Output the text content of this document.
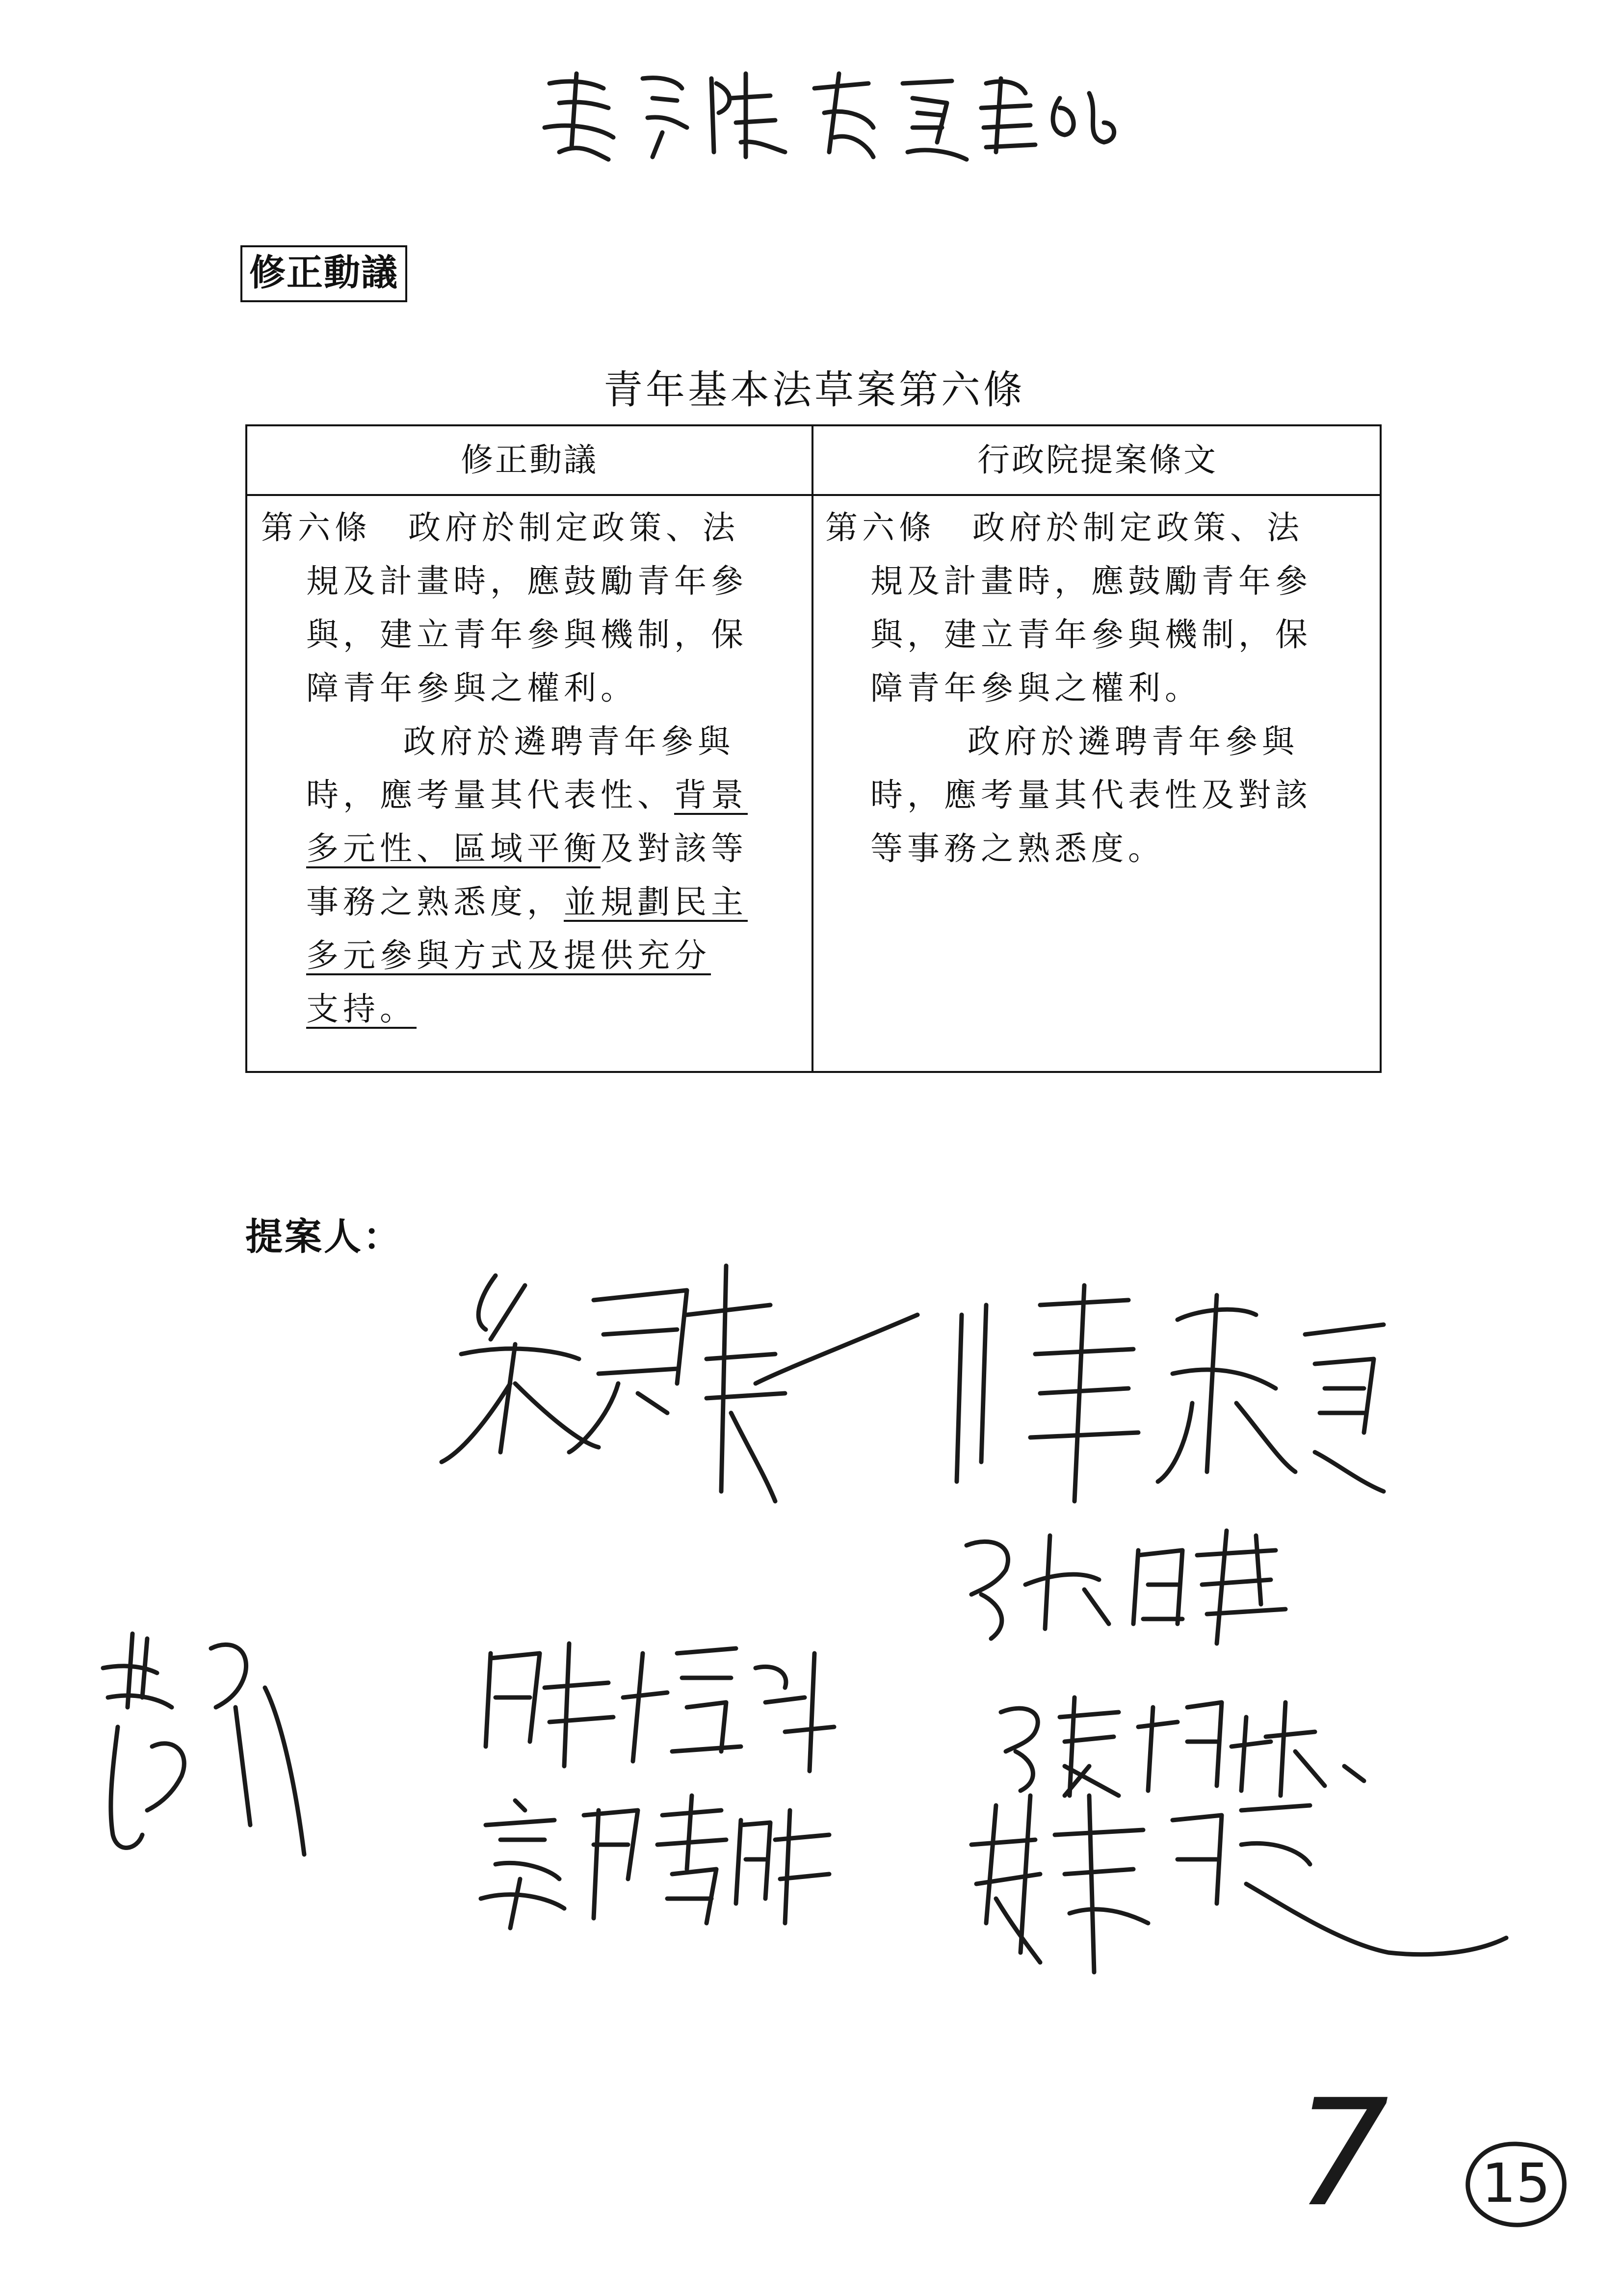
修正動議
青年基本法草案第六條
修正動議	行政院提案條文
第六條　政府於制定政策、法
規及計畫時，應鼓勵青年參
與，建立青年參與機制，保
障青年參與之權利。
政府於遴聘青年參與
時，應考量其代表性、背景
多元性、區域平衡及對該等
事務之熟悉度，並規劃民主
多元參與方式及提供充分
支持。
第六條　政府於制定政策、法
規及計畫時，應鼓勵青年參
與，建立青年參與機制，保
障青年參與之權利。
政府於遴聘青年參與
時，應考量其代表性及對該
等事務之熟悉度。
提案人：
7 15
